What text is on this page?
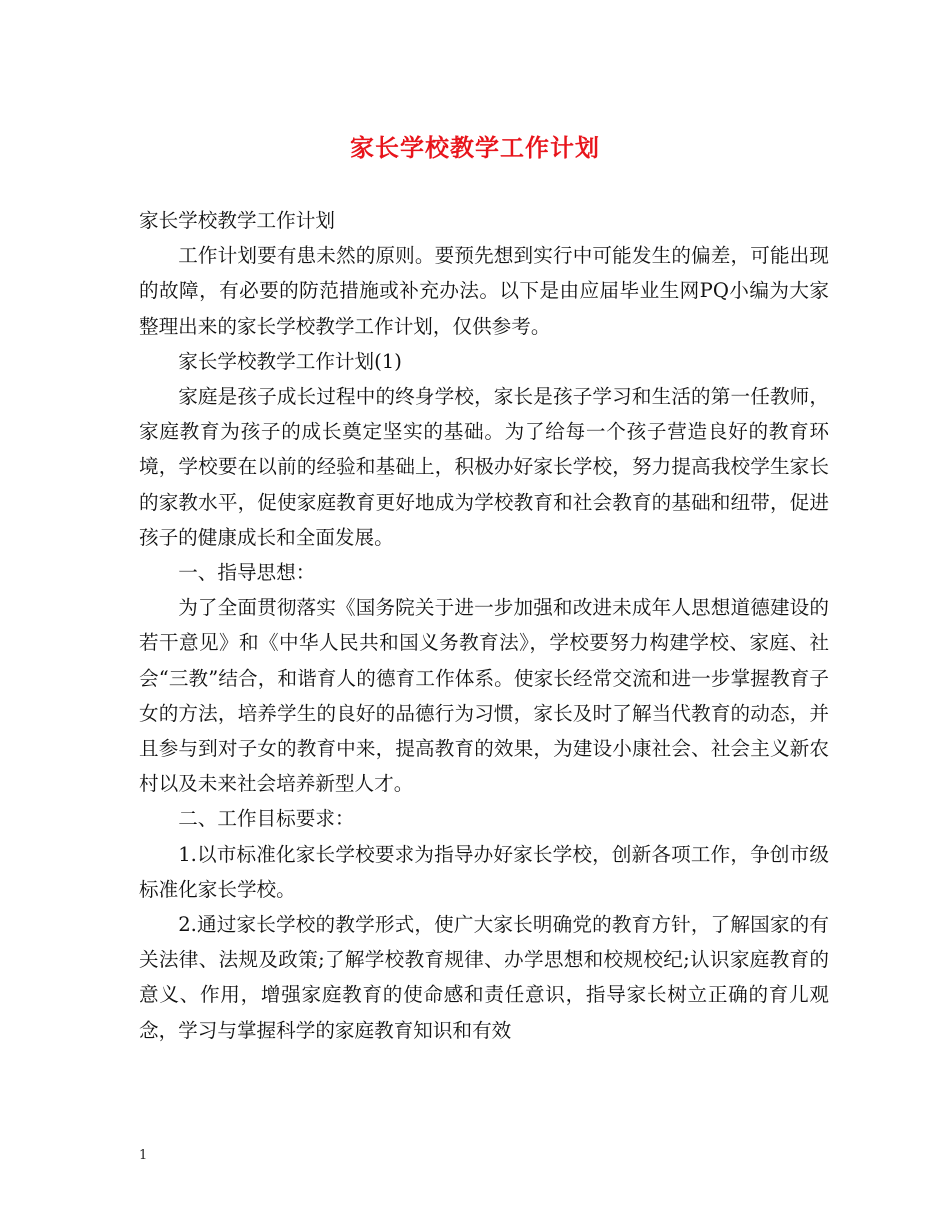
家长学校教学工作计划

家长学校教学工作计划

工作计划要有患未然的原则。要预先想到实行中可能发生的偏差，可能出现的故障，有必要的防范措施或补充办法。以下是由应届毕业生网PQ小编为大家整理出来的家长学校教学工作计划，仅供参考。

家长学校教学工作计划(1)

家庭是孩子成长过程中的终身学校，家长是孩子学习和生活的第一任教师，家庭教育为孩子的成长奠定坚实的基础。为了给每一个孩子营造良好的教育环境，学校要在以前的经验和基础上，积极办好家长学校，努力提高我校学生家长的家教水平，促使家庭教育更好地成为学校教育和社会教育的基础和纽带，促进孩子的健康成长和全面发展。

一、指导思想：

为了全面贯彻落实《国务院关于进一步加强和改进未成年人思想道德建设的若干意见》和《中华人民共和国义务教育法》，学校要努力构建学校、家庭、社会“三教”结合，和谐育人的德育工作体系。使家长经常交流和进一步掌握教育子女的方法，培养学生的良好的品德行为习惯，家长及时了解当代教育的动态，并且参与到对子女的教育中来，提高教育的效果，为建设小康社会、社会主义新农村以及未来社会培养新型人才。

二、工作目标要求：

1.以市标准化家长学校要求为指导办好家长学校，创新各项工作，争创市级标准化家长学校。

2.通过家长学校的教学形式，使广大家长明确党的教育方针，了解国家的有关法律、法规及政策;了解学校教育规律、办学思想和校规校纪;认识家庭教育的意义、作用，增强家庭教育的使命感和责任意识，指导家长树立正确的育儿观念，学习与掌握科学的家庭教育知识和有效

1
